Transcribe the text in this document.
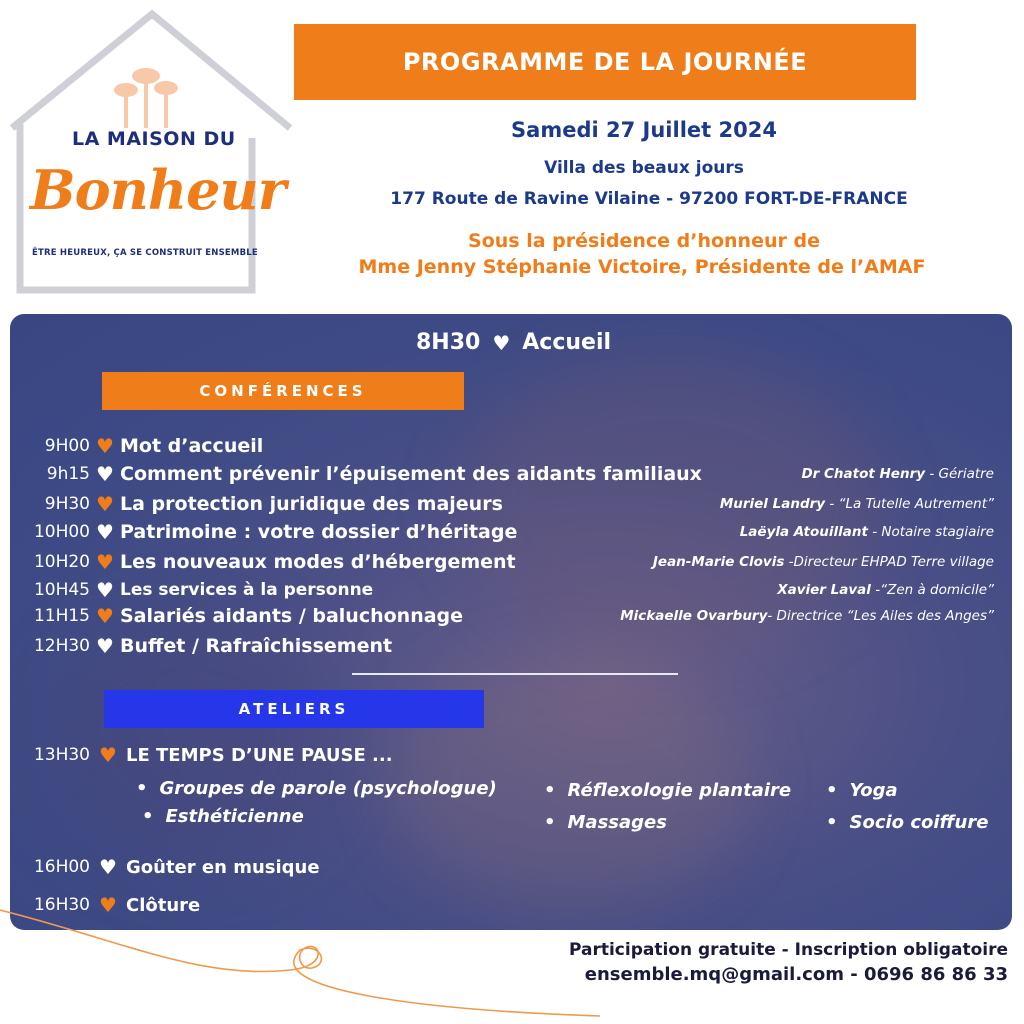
LA MAISON DU
Bonheur
ÊTRE HEUREUX, ÇA SE CONSTRUIT ENSEMBLE
PROGRAMME DE LA JOURNÉE
Samedi 27 Juillet 2024
Villa des beaux jours
177 Route de Ravine Vilaine - 97200 FORT-DE-FRANCE
Sous la présidence d’honneur de
Mme Jenny Stéphanie Victoire, Présidente de l’AMAF
8H30 ♥ Accueil
CONFÉRENCES
9H00 ♥ Mot d’accueil
9h15 ♥ Comment prévenir l’épuisement des aidants familiaux	Dr Chatot Henry - Gériatre
9H30 ♥ La protection juridique des majeurs	Muriel Landry - “La Tutelle Autrement”
10H00 ♥ Patrimoine : votre dossier d’héritage	Laëyla Atouillant - Notaire stagiaire
10H20 ♥ Les nouveaux modes d’hébergement	Jean-Marie Clovis -Directeur EHPAD Terre village
10H45 ♥ Les services à la personne	Xavier Laval -“Zen à domicile”
11H15 ♥ Salariés aidants / baluchonnage	Mickaelle Ovarbury- Directrice “Les Ailes des Anges”
12H30 ♥ Buffet / Rafraîchissement
ATELIERS
13H30 ♥ LE TEMPS D’UNE PAUSE ...
• Groupes de parole (psychologue)
• Esthéticienne
• Réflexologie plantaire
• Massages
• Yoga
• Socio coiffure
16H00 ♥ Goûter en musique
16H30 ♥ Clôture
Participation gratuite - Inscription obligatoire
ensemble.mq@gmail.com - 0696 86 86 33
